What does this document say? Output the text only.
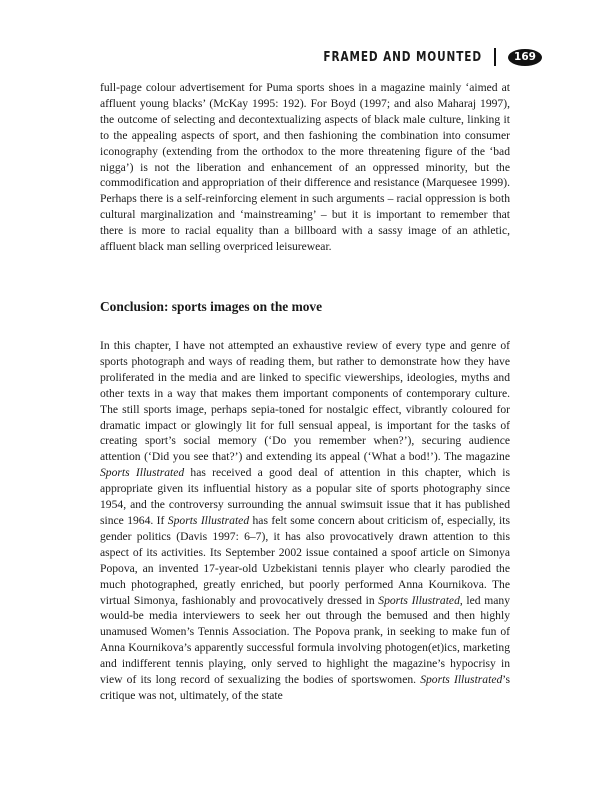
FRAMED AND MOUNTED	169

full-page colour advertisement for Puma sports shoes in a magazine mainly ‘aimed at affluent young blacks’ (McKay 1995: 192). For Boyd (1997; and also Maharaj 1997), the outcome of selecting and decontextualizing aspects of black male culture, linking it to the appealing aspects of sport, and then fashioning the combination into consumer iconography (extending from the orthodox to the more threatening figure of the ‘bad nigga’) is not the liberation and enhancement of an oppressed minority, but the commodification and appropriation of their difference and resistance (Marquesee 1999). Perhaps there is a self-reinforcing element in such arguments – racial oppression is both cultural marginalization and ‘mainstreaming’ – but it is important to remember that there is more to racial equality than a billboard with a sassy image of an athletic, affluent black man selling overpriced leisurewear.

Conclusion: sports images on the move

In this chapter, I have not attempted an exhaustive review of every type and genre of sports photograph and ways of reading them, but rather to demonstrate how they have proliferated in the media and are linked to specific viewerships, ideologies, myths and other texts in a way that makes them important components of contemporary culture. The still sports image, perhaps sepia-toned for nostalgic effect, vibrantly coloured for dramatic impact or glowingly lit for full sensual appeal, is important for the tasks of creating sport’s social memory (‘Do you remember when?’), securing audience attention (‘Did you see that?’) and extending its appeal (‘What a bod!’). The magazine Sports Illustrated has received a good deal of attention in this chapter, which is appropriate given its influential history as a popular site of sports photography since 1954, and the controversy surrounding the annual swimsuit issue that it has published since 1964. If Sports Illustrated has felt some concern about criticism of, especially, its gender politics (Davis 1997: 6–7), it has also provocatively drawn attention to this aspect of its activities. Its September 2002 issue contained a spoof article on Simonya Popova, an invented 17-year-old Uzbekistani tennis player who clearly parodied the much photographed, greatly enriched, but poorly performed Anna Kournikova. The virtual Simonya, fashionably and provocatively dressed in Sports Illustrated, led many would-be media interviewers to seek her out through the bemused and then highly unamused Women’s Tennis Association. The Popova prank, in seeking to make fun of Anna Kournikova’s apparently successful formula involving photogen(et)ics, marketing and indifferent tennis playing, only served to highlight the magazine’s hypocrisy in view of its long record of sexualizing the bodies of sportswomen. Sports Illustrated’s critique was not, ultimately, of the state
